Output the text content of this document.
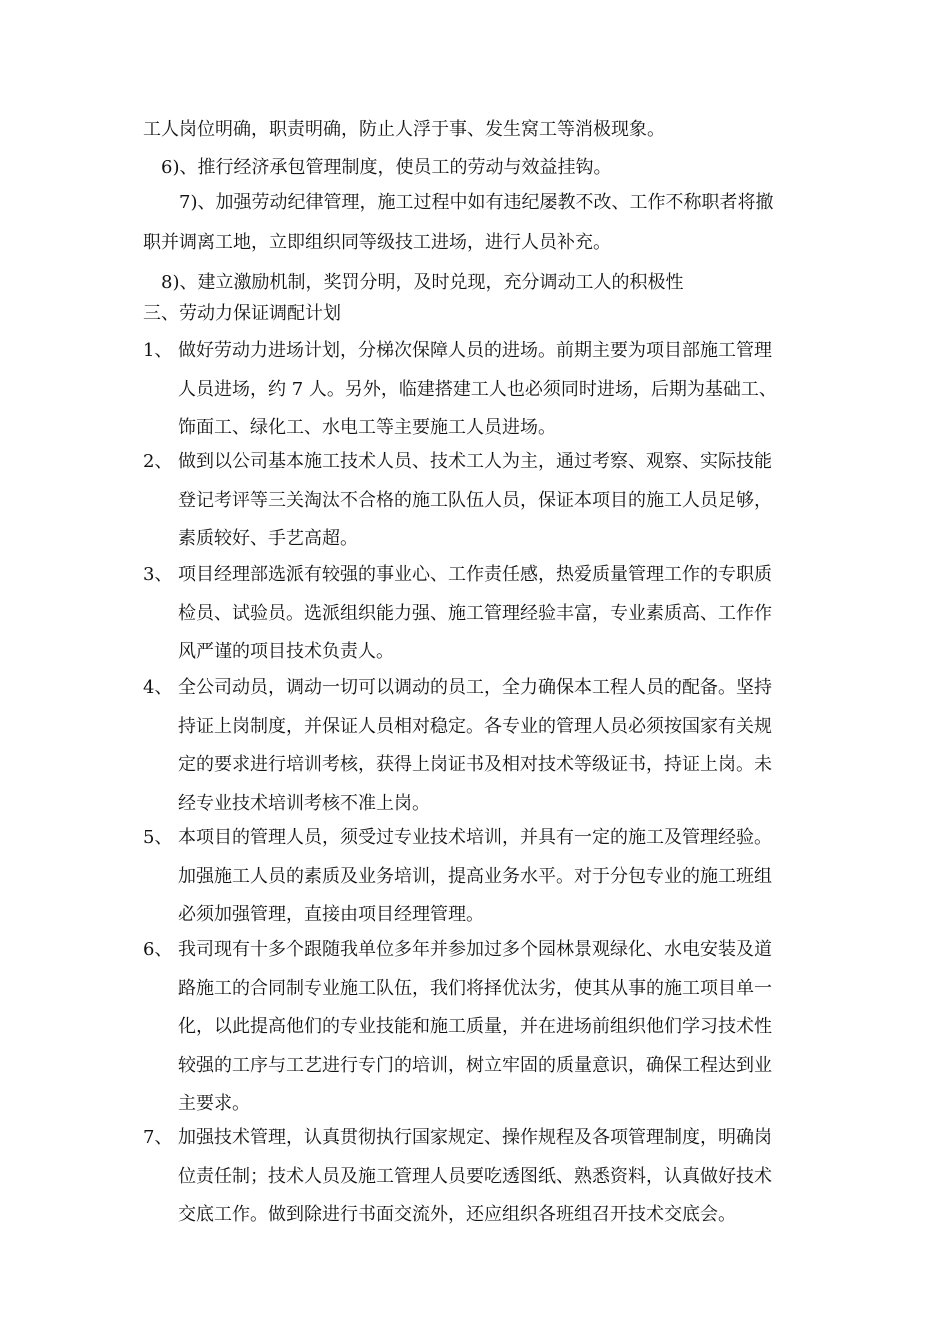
工人岗位明确，职责明确，防止人浮于事、发生窝工等消极现象。
6)、推行经济承包管理制度，使员工的劳动与效益挂钩。
7)、加强劳动纪律管理，施工过程中如有违纪屡教不改、工作不称职者将撤
职并调离工地，立即组织同等级技工进场，进行人员补充。
8)、建立激励机制，奖罚分明，及时兑现，充分调动工人的积极性
三、劳动力保证调配计划
1、 做好劳动力进场计划，分梯次保障人员的进场。前期主要为项目部施工管理
人员进场，约 7 人。另外，临建搭建工人也必须同时进场，后期为基础工、
饰面工、绿化工、水电工等主要施工人员进场。
2、 做到以公司基本施工技术人员、技术工人为主，通过考察、观察、实际技能
登记考评等三关淘汰不合格的施工队伍人员，保证本项目的施工人员足够，
素质较好、手艺高超。
3、 项目经理部选派有较强的事业心、工作责任感，热爱质量管理工作的专职质
检员、试验员。选派组织能力强、施工管理经验丰富，专业素质高、工作作
风严谨的项目技术负责人。
4、 全公司动员，调动一切可以调动的员工，全力确保本工程人员的配备。坚持
持证上岗制度，并保证人员相对稳定。各专业的管理人员必须按国家有关规
定的要求进行培训考核，获得上岗证书及相对技术等级证书，持证上岗。未
经专业技术培训考核不准上岗。
5、 本项目的管理人员，须受过专业技术培训，并具有一定的施工及管理经验。
加强施工人员的素质及业务培训，提高业务水平。对于分包专业的施工班组
必须加强管理，直接由项目经理管理。
6、 我司现有十多个跟随我单位多年并参加过多个园林景观绿化、水电安装及道
路施工的合同制专业施工队伍，我们将择优汰劣，使其从事的施工项目单一
化，以此提高他们的专业技能和施工质量，并在进场前组织他们学习技术性
较强的工序与工艺进行专门的培训，树立牢固的质量意识，确保工程达到业
主要求。
7、 加强技术管理，认真贯彻执行国家规定、操作规程及各项管理制度，明确岗
位责任制；技术人员及施工管理人员要吃透图纸、熟悉资料，认真做好技术
交底工作。做到除进行书面交流外，还应组织各班组召开技术交底会。
